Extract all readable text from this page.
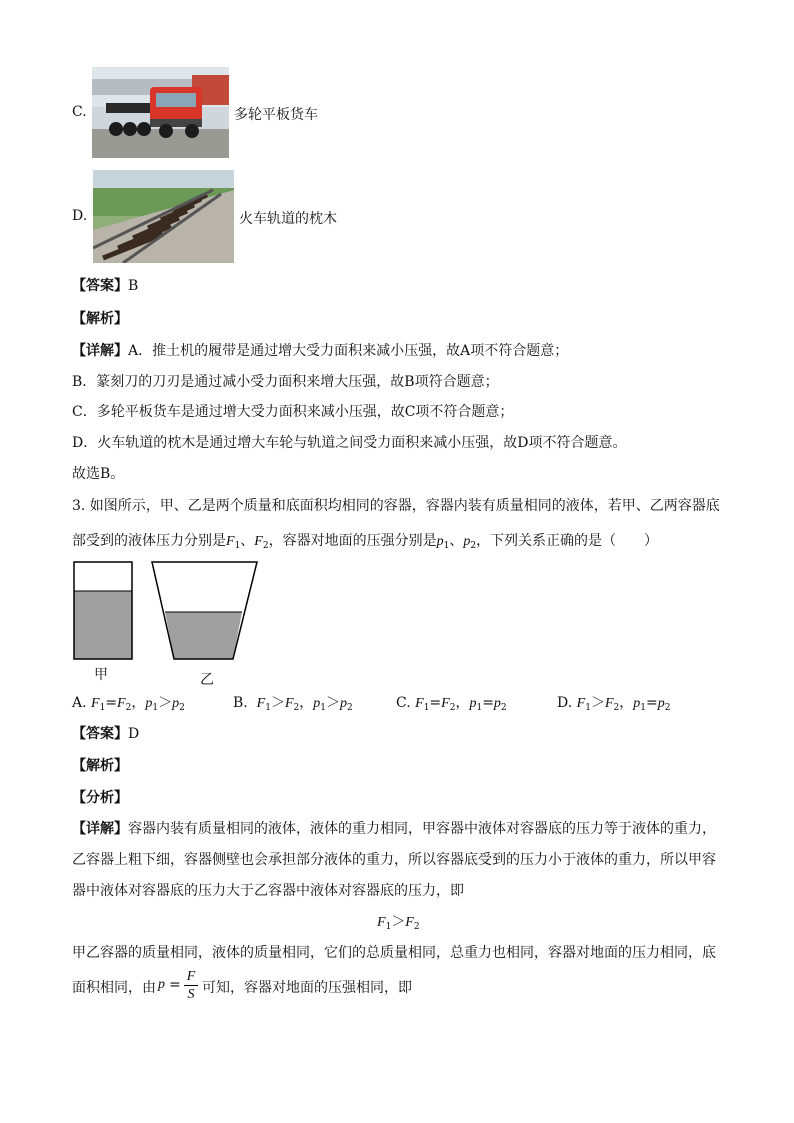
C.	多轮平板货车
D.	火车轨道的枕木
【答案】B
【解析】
【详解】A．推土机的履带是通过增大受力面积来减小压强，故A项不符合题意；
B．篆刻刀的刀刃是通过减小受力面积来增大压强，故B项符合题意；
C．多轮平板货车是通过增大受力面积来减小压强，故C项不符合题意；
D．火车轨道的枕木是通过增大车轮与轨道之间受力面积来减小压强，故D项不符合题意。
故选B。
3. 如图所示，甲、乙是两个质量和底面积均相同的容器，容器内装有质量相同的液体，若甲、乙两容器底
部受到的液体压力分别是$F_1$、$F_2$，容器对地面的压强分别是$p_1$、$p_2$，下列关系正确的是（　　）
甲	乙
A. $F_1=F_2$，$p_1>p_2$	B. $F_1>F_2$，$p_1>p_2$	C. $F_1=F_2$，$p_1=p_2$	D. $F_1>F_2$，$p_1=p_2$
【答案】D
【解析】
【分析】
【详解】容器内装有质量相同的液体，液体的重力相同，甲容器中液体对容器底的压力等于液体的重力，
乙容器上粗下细，容器侧壁也会承担部分液体的重力，所以容器底受到的压力小于液体的重力，所以甲容
器中液体对容器底的压力大于乙容器中液体对容器底的压力，即
$F_1>F_2$
甲乙容器的质量相同，液体的质量相同，它们的总质量相同，总重力也相同，容器对地面的压力相同，底
面积相同，由 p =
F
S 可知，容器对地面的压强相同，即
